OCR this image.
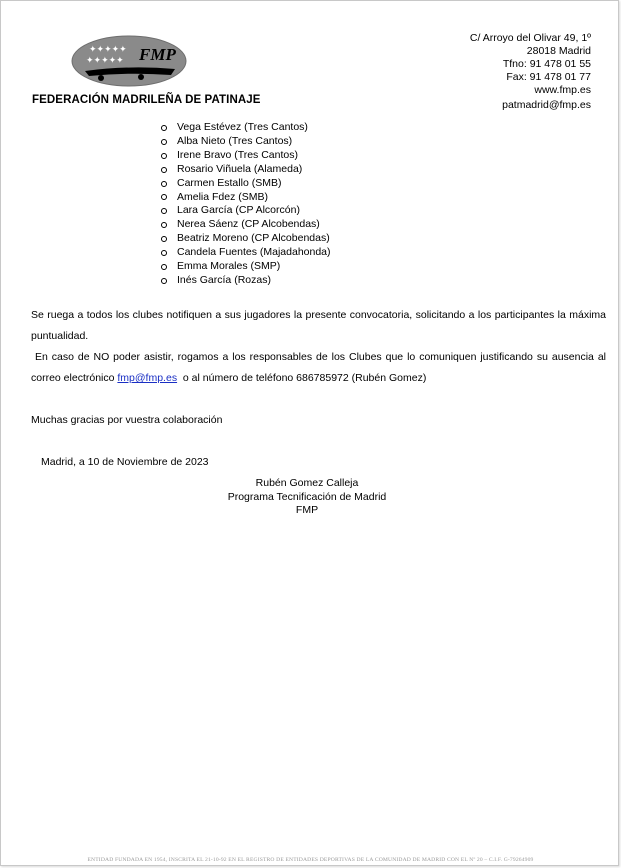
✦✦✦✦✦
✦✦✦✦✦ FMP
FEDERACIÓN MADRILEÑA DE PATINAJE
C/ Arroyo del Olivar 49, 1º
28018 Madrid
Tfno: 91 478 01 55
Fax: 91 478 01 77
www.fmp.es
patmadrid@fmp.es
Vega Estévez (Tres Cantos)
Alba Nieto (Tres Cantos)
Irene Bravo (Tres Cantos)
Rosario Viñuela (Alameda)
Carmen Estallo (SMB)
Amelia Fdez (SMB)
Lara García (CP Alcorcón)
Nerea Sáenz (CP Alcobendas)
Beatriz Moreno (CP Alcobendas)
Candela Fuentes (Majadahonda)
Emma Morales (SMP)
Inés García (Rozas)
Se ruega a todos los clubes notifiquen a sus jugadores la presente convocatoria, solicitando a los participantes la máxima puntualidad.
En caso de NO poder asistir, rogamos a los responsables de los Clubes que lo comuniquen justificando su ausencia al correo electrónico fmp@fmp.es o al número de teléfono 686785972 (Rubén Gomez)
Muchas gracias por vuestra colaboración
Madrid, a 10 de Noviembre de 2023
Rubén Gomez Calleja
Programa Tecnificación de Madrid
FMP
ENTIDAD FUNDADA EN 1954, INSCRITA EL 21-10-92 EN EL REGISTRO DE ENTIDADES DEPORTIVAS DE LA COMUNIDAD DE MADRID CON EL Nº 20 – C.I.F. G-79264909
